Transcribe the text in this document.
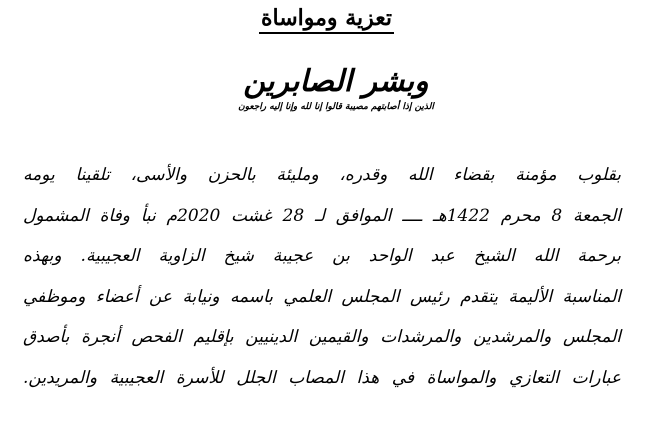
تعزية ومواساة
وبشر الصابرين
الذين إذا أصابتهم مصيبة قالوا إنا لله وإنا إليه راجعون

بقلوب مؤمنة بقضاء الله وقدره، ومليئة بالحزن والأسى، تلقينا يومه

الجمعة 8 محرم 1422هـ ــــ الموافق لـ 28 غشت 2020م نبأ وفاة المشمول

برحمة الله الشيخ عبد الواحد بن عجيبة شيخ الزاوية العجيبية. وبهذه

المناسبة الأليمة يتقدم رئيس المجلس العلمي باسمه ونيابة عن أعضاء وموظفي

المجلس والمرشدين والمرشدات والقيمين الدينيين بإقليم الفحص أنجرة بأصدق

عبارات التعازي والمواساة في هذا المصاب الجلل للأسرة العجيبية والمريدين.
